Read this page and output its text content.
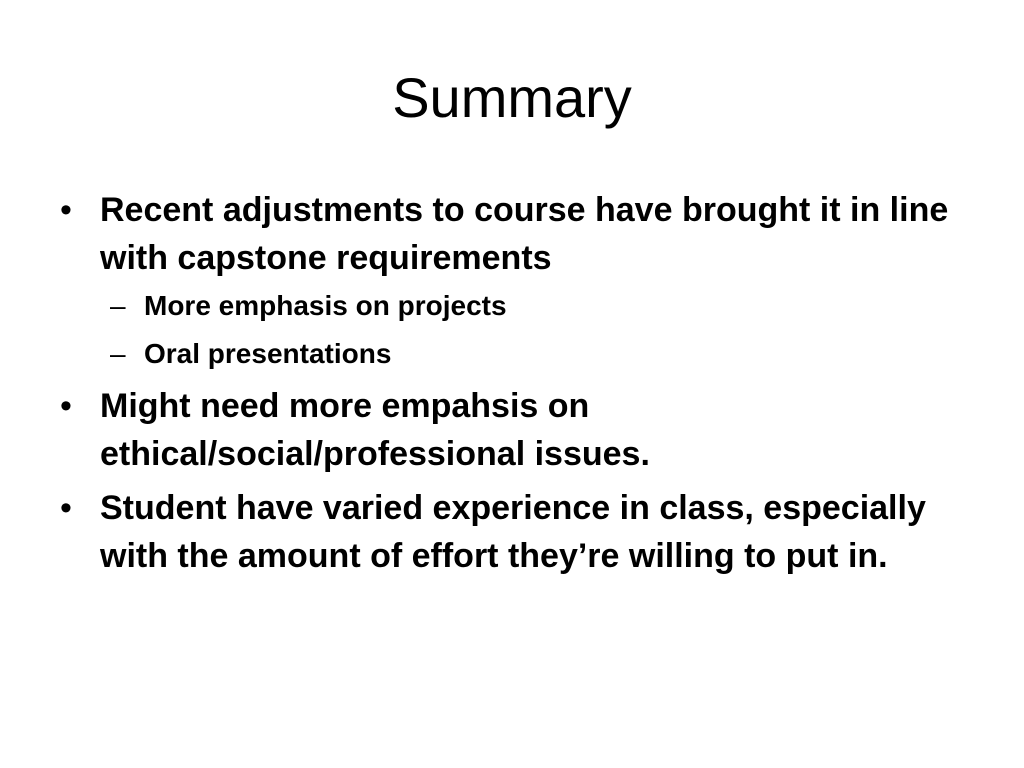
Summary
• Recent adjustments to course have brought it in line with capstone requirements
– More emphasis on projects
– Oral presentations
• Might need more empahsis on ethical/social/professional issues.
• Student have varied experience in class, especially with the amount of effort they’re willing to put in.
